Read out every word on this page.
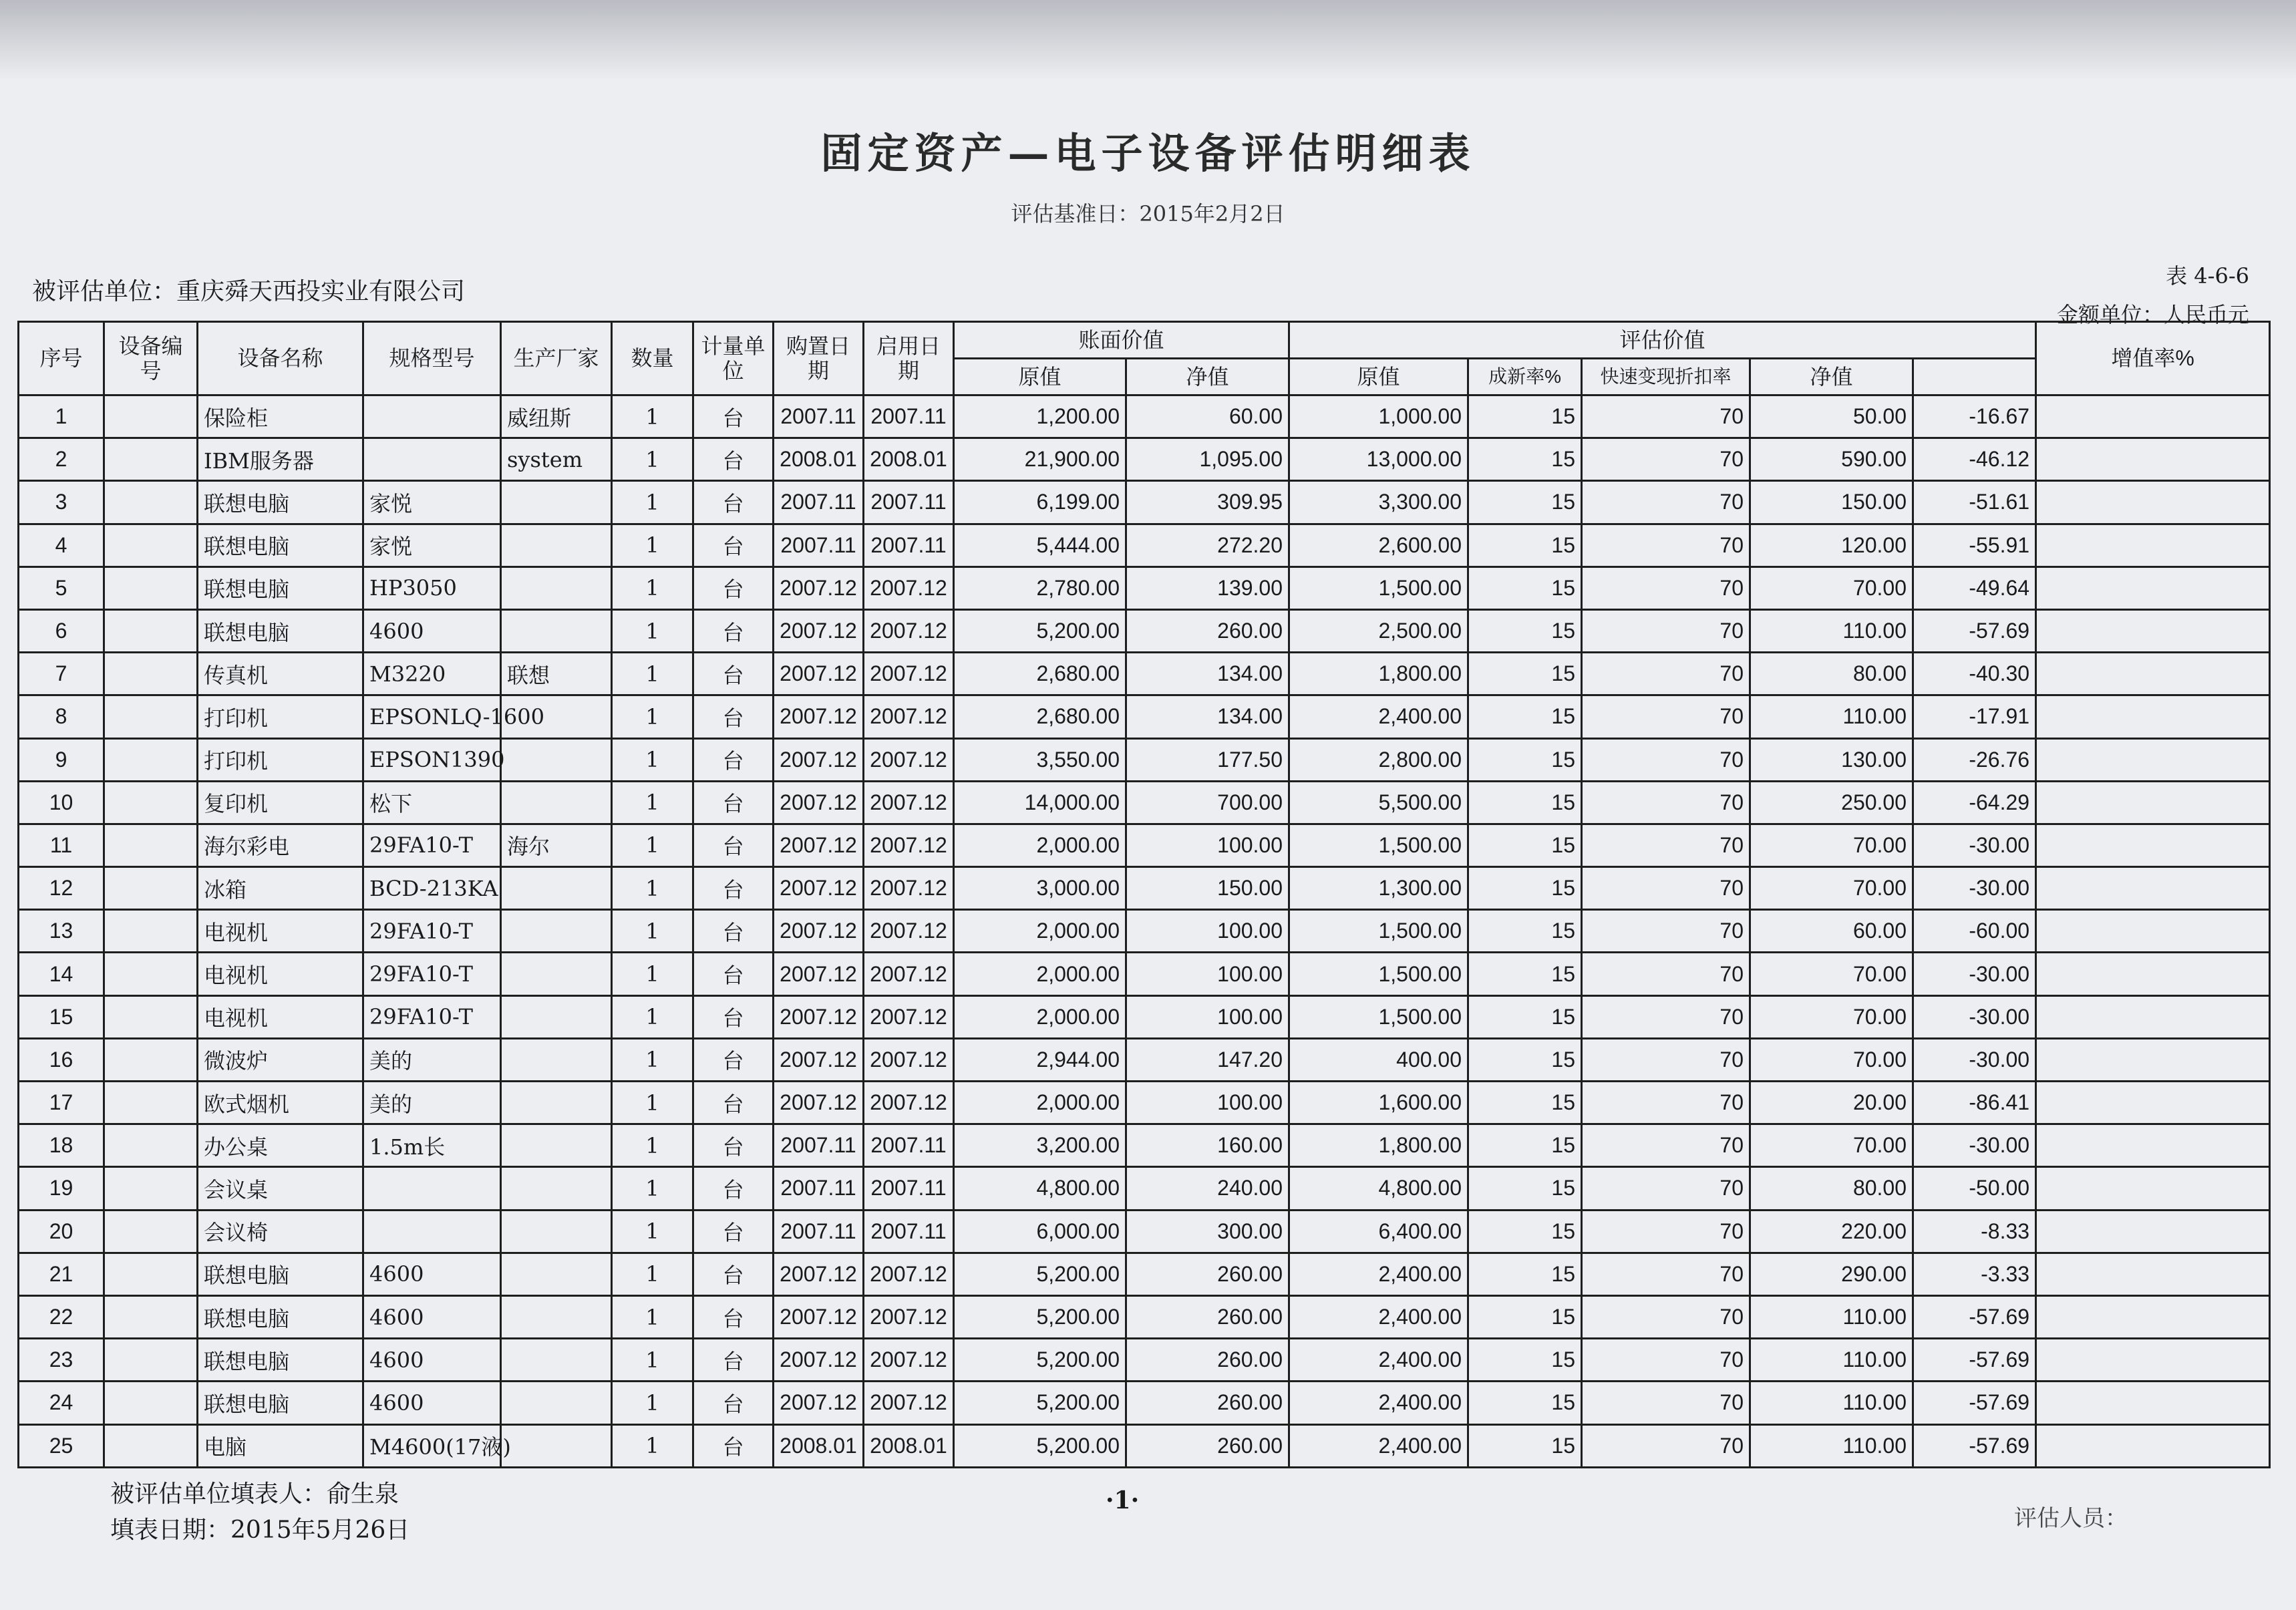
固定资产—电子设备评估明细表
评估基准日：2015年2月2日
被评估单位：重庆舜天西投实业有限公司
表 4-6-6
金额单位：人民币元
序号	设备编号	设备名称	规格型号	生产厂家	数量	计量单位	购置日期	启用日期	账面价值		评估价值					增值率%	
									原值	净值	原值	成新率%	快速变现折扣率	净值			
1		保险柜		威纽斯	1	台	2007.11	2007.11	1,200.00	60.00	1,000.00	15	70	50.00	-16.67		
2		IBM服务器		system	1	台	2008.01	2008.01	21,900.00	1,095.00	13,000.00	15	70	590.00	-46.12		
3		联想电脑	家悦		1	台	2007.11	2007.11	6,199.00	309.95	3,300.00	15	70	150.00	-51.61		
4		联想电脑	家悦		1	台	2007.11	2007.11	5,444.00	272.20	2,600.00	15	70	120.00	-55.91		
5		联想电脑	HP3050		1	台	2007.12	2007.12	2,780.00	139.00	1,500.00	15	70	70.00	-49.64		
6		联想电脑	4600		1	台	2007.12	2007.12	5,200.00	260.00	2,500.00	15	70	110.00	-57.69		
7		传真机	M3220	联想	1	台	2007.12	2007.12	2,680.00	134.00	1,800.00	15	70	80.00	-40.30		
8		打印机	EPSONLQ-1600		1	台	2007.12	2007.12	2,680.00	134.00	2,400.00	15	70	110.00	-17.91		
9		打印机	EPSON1390		1	台	2007.12	2007.12	3,550.00	177.50	2,800.00	15	70	130.00	-26.76		
10		复印机	松下		1	台	2007.12	2007.12	14,000.00	700.00	5,500.00	15	70	250.00	-64.29		
11		海尔彩电	29FA10-T	海尔	1	台	2007.12	2007.12	2,000.00	100.00	1,500.00	15	70	70.00	-30.00		
12		冰箱	BCD-213KA		1	台	2007.12	2007.12	3,000.00	150.00	1,300.00	15	70	70.00	-30.00		
13		电视机	29FA10-T		1	台	2007.12	2007.12	2,000.00	100.00	1,500.00	15	70	60.00	-60.00		
14		电视机	29FA10-T		1	台	2007.12	2007.12	2,000.00	100.00	1,500.00	15	70	70.00	-30.00		
15		电视机	29FA10-T		1	台	2007.12	2007.12	2,000.00	100.00	1,500.00	15	70	70.00	-30.00		
16		微波炉	美的		1	台	2007.12	2007.12	2,944.00	147.20	400.00	15	70	70.00	-30.00		
17		欧式烟机	美的		1	台	2007.12	2007.12	2,000.00	100.00	1,600.00	15	70	20.00	-86.41		
18		办公桌	1.5m长		1	台	2007.11	2007.11	3,200.00	160.00	1,800.00	15	70	70.00	-30.00		
19		会议桌			1	台	2007.11	2007.11	4,800.00	240.00	4,800.00	15	70	80.00	-50.00		
20		会议椅			1	台	2007.11	2007.11	6,000.00	300.00	6,400.00	15	70	220.00	-8.33		
21		联想电脑	4600		1	台	2007.12	2007.12	5,200.00	260.00	2,400.00	15	70	290.00	-3.33		
22		联想电脑	4600		1	台	2007.12	2007.12	5,200.00	260.00	2,400.00	15	70	110.00	-57.69		
23		联想电脑	4600		1	台	2007.12	2007.12	5,200.00	260.00	2,400.00	15	70	110.00	-57.69		
24		联想电脑	4600		1	台	2007.12	2007.12	5,200.00	260.00	2,400.00	15	70	110.00	-57.69		
25		电脑	M4600(17液)		1	台	2008.01	2008.01	5,200.00	260.00	2,400.00	15	70	110.00	-57.69		
被评估单位填表人：俞生泉
填表日期：2015年5月26日
·1·
评估人员：
